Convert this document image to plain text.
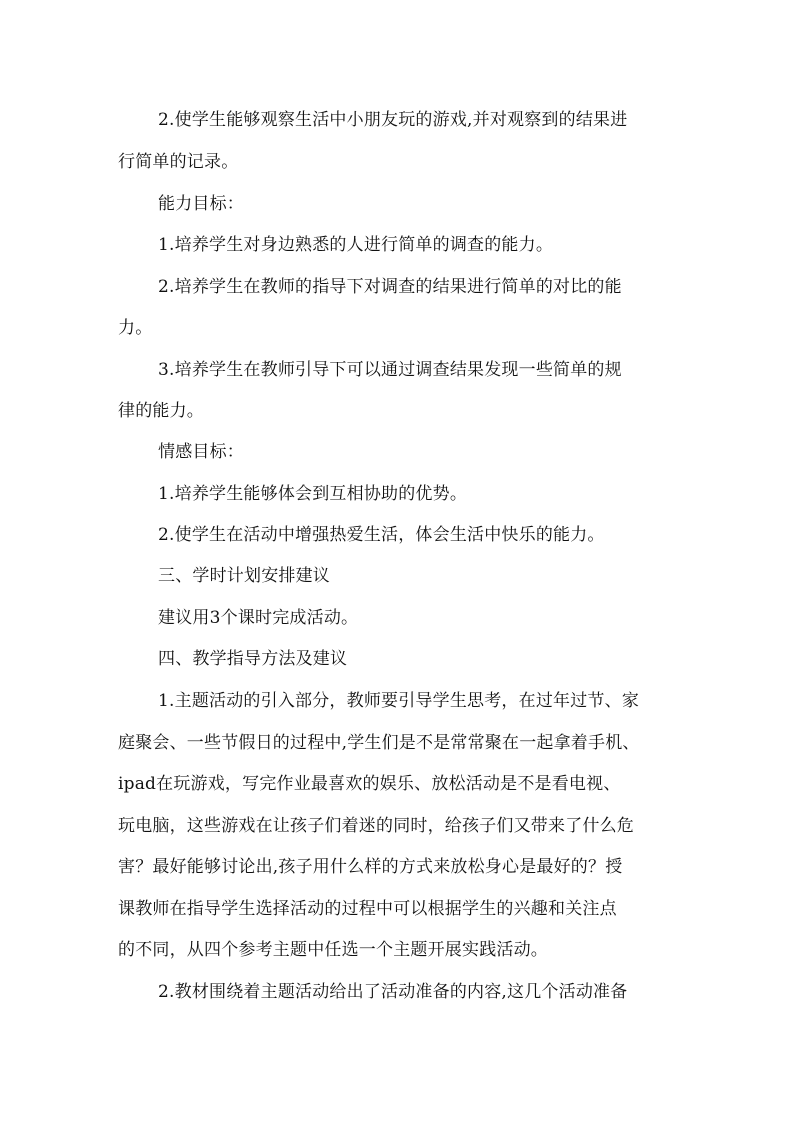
2.使学生能够观察生活中小朋友玩的游戏,并对观察到的结果进
行简单的记录。
能力目标：
1.培养学生对身边熟悉的人进行简单的调查的能力。
2.培养学生在教师的指导下对调查的结果进行简单的对比的能
力。
3.培养学生在教师引导下可以通过调查结果发现一些简单的规
律的能力。
情感目标：
1.培养学生能够体会到互相协助的优势。
2.使学生在活动中增强热爱生活，体会生活中快乐的能力。
三、学时计划安排建议
建议用3个课时完成活动。
四、教学指导方法及建议
1.主题活动的引入部分，教师要引导学生思考，在过年过节、家
庭聚会、一些节假日的过程中,学生们是不是常常聚在一起拿着手机、
ipad在玩游戏，写完作业最喜欢的娱乐、放松活动是不是看电视、
玩电脑，这些游戏在让孩子们着迷的同时，给孩子们又带来了什么危
害？最好能够讨论出,孩子用什么样的方式来放松身心是最好的？授
课教师在指导学生选择活动的过程中可以根据学生的兴趣和关注点
的不同，从四个参考主题中任选一个主题开展实践活动。
2.教材围绕着主题活动给出了活动准备的内容,这几个活动准备
